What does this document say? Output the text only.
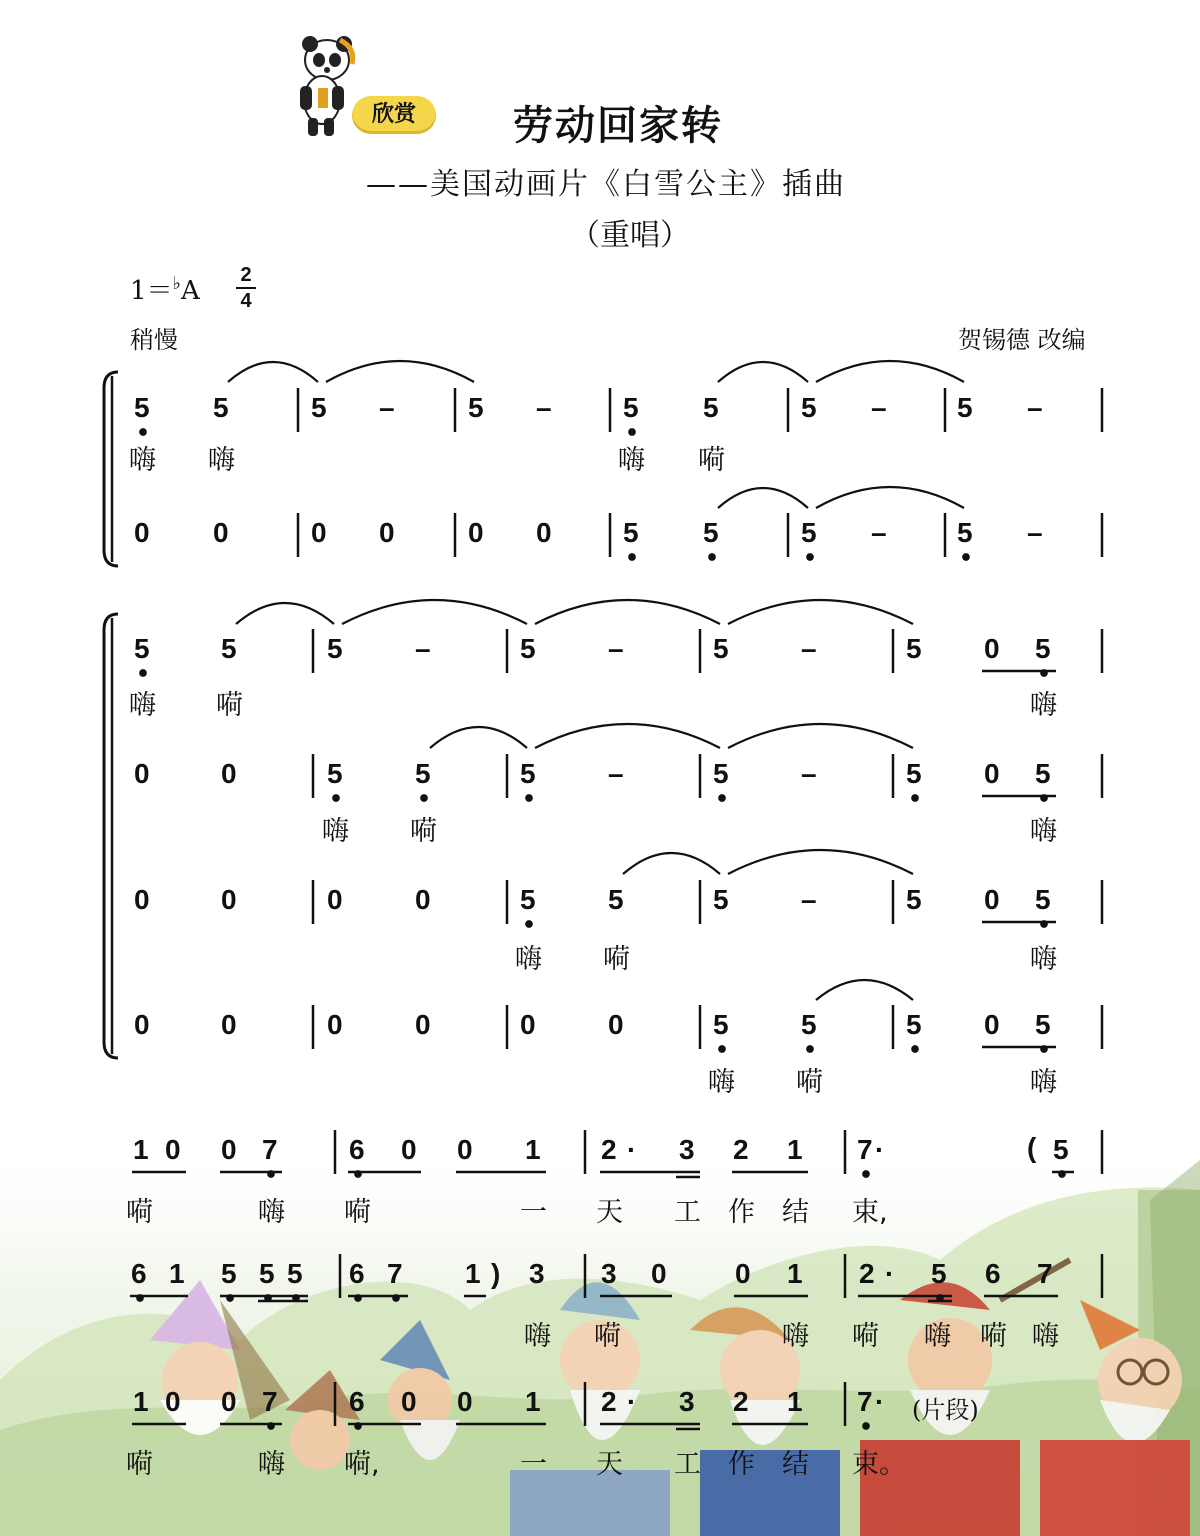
欣赏	劳动回家转
——美国动画片《白雪公主》插曲
（重唱）
1＝♭A
2
4
稍慢	贺锡德 改编
5 5	5 –	5 –	5 5	5 –	5 –
嗨 嗨	嗨 嗬
0 0	0 0	0 0	5 5	5 –	5 –
5	5	5	–	5	–	5	–	5 0 5
嗨 嗬	嗨
0	0	5	5	5	–	5	–	5 0 5
嗨 嗬	嗨
0	0	0	0	5	5	5	–	5 0 5
嗨 嗬	嗨
0	0	0	0	0	0	5	5	5 0 5
嗨 嗬	嗨
1 0 0 7	6 0 0 1 2 · 3 2 1 7 ·	( 5
嗬	嗨 嗬	一 天 工 作 结 束,
6 1 5 5 5 6 7 1 ) 3 3 0 0 1 2 · 5 6 7
嗨 嗬	嗨 嗬 嗨 嗬 嗨
1 0 0 7	6 0 0 1 2 · 3 2 1 7 ·
嗬	嗨 嗬,	一 天 工 作 结 束。
(片段)
